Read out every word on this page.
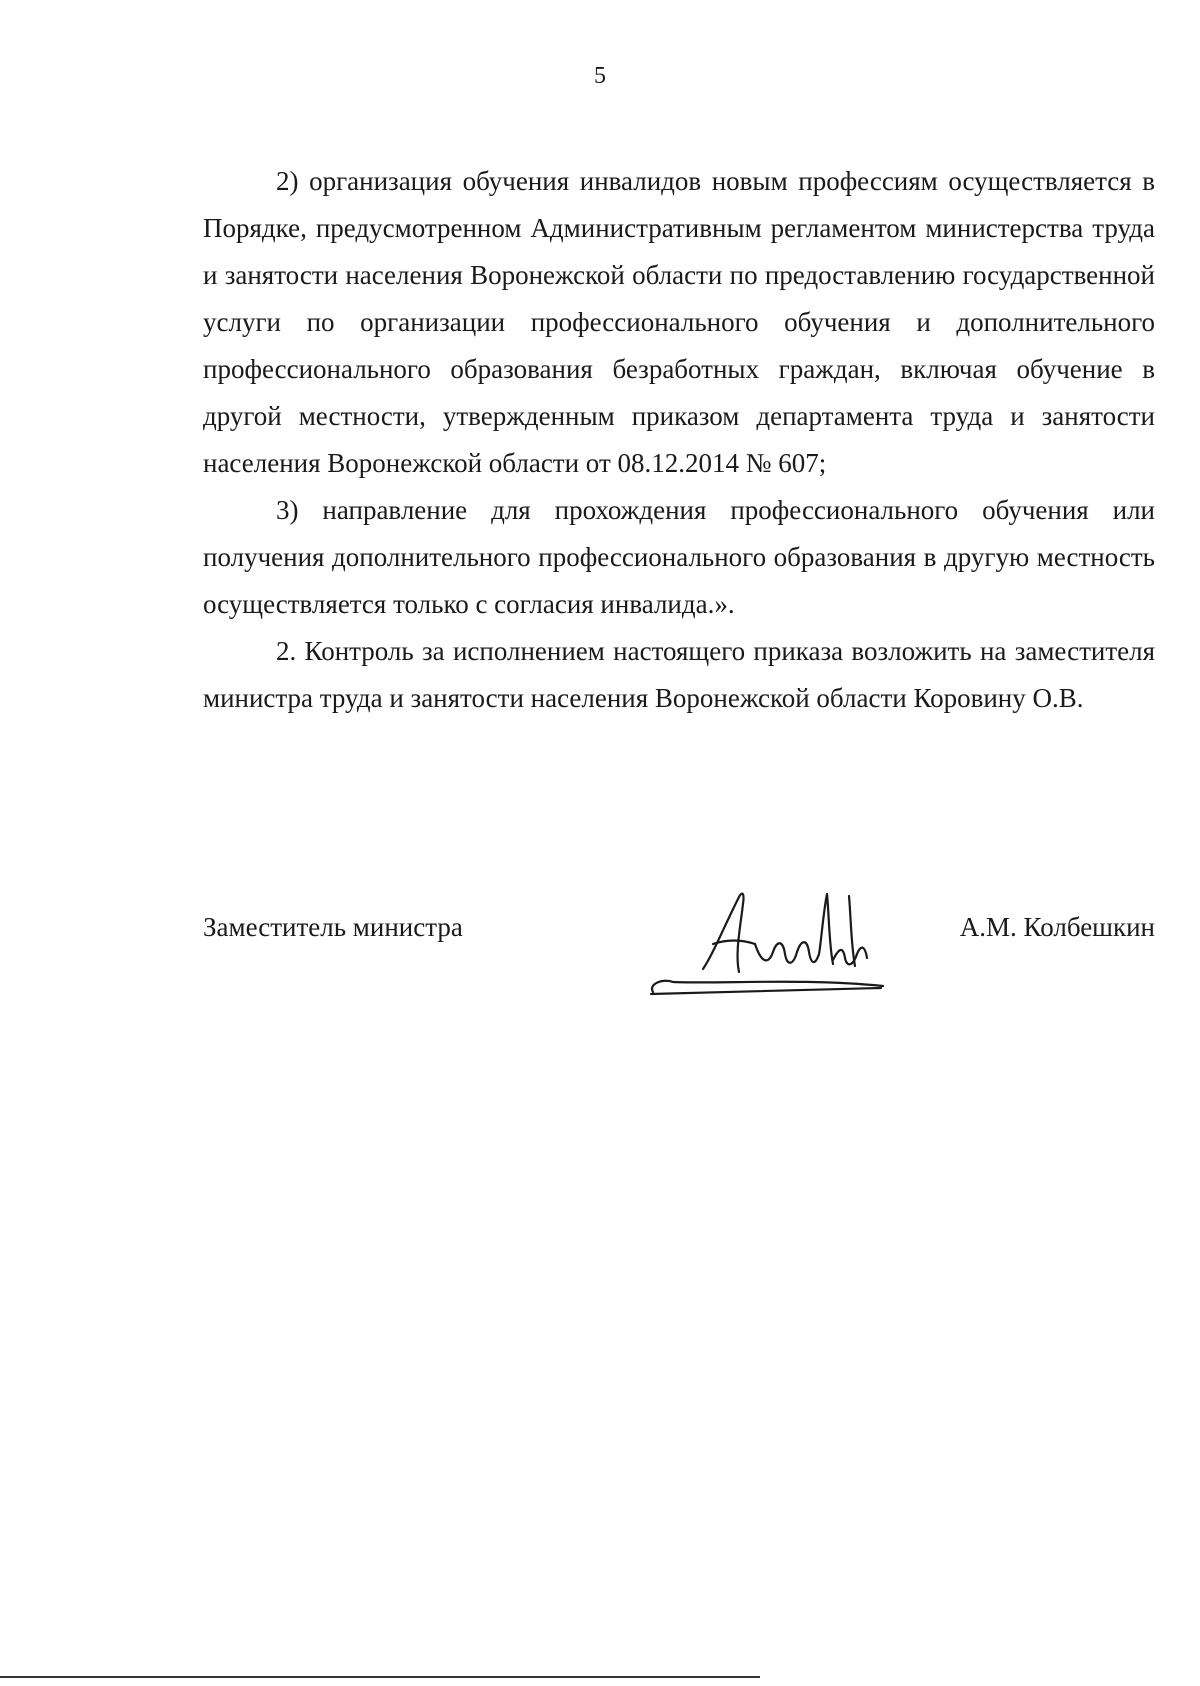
5

2) организация обучения инвалидов новым профессиям осуществляется в Порядке, предусмотренном Административным регламентом министерства труда и занятости населения Воронежской области по предоставлению государственной услуги по организации профессионального обучения и дополнительного профессионального образования безработных граждан, включая обучение в другой местности, утвержденным приказом департамента труда и занятости населения Воронежской области от 08.12.2014 № 607;

3) направление для прохождения профессионального обучения или получения дополнительного профессионального образования в другую местность осуществляется только с согласия инвалида.».

2. Контроль за исполнением настоящего приказа возложить на заместителя министра труда и занятости населения Воронежской области Коровину О.В.

Заместитель министра	А.М. Колбешкин
